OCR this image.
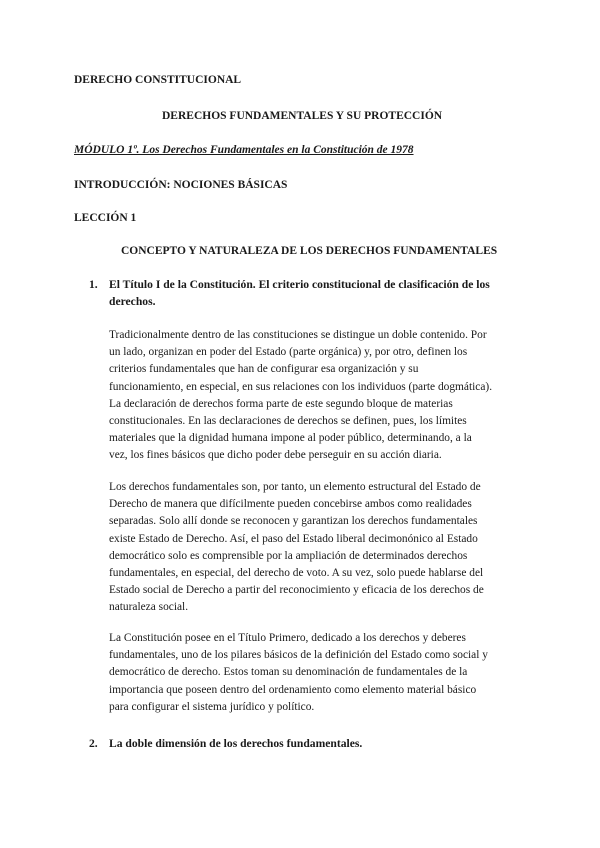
DERECHO CONSTITUCIONAL
DERECHOS FUNDAMENTALES Y SU PROTECCIÓN
MÓDULO 1º. Los Derechos Fundamentales en la Constitución de 1978
INTRODUCCIÓN: NOCIONES BÁSICAS
LECCIÓN 1
CONCEPTO Y NATURALEZA DE LOS DERECHOS FUNDAMENTALES
1. El Título I de la Constitución. El criterio constitucional de clasificación de los
derechos.
Tradicionalmente dentro de las constituciones se distingue un doble contenido. Por
un lado, organizan en poder del Estado (parte orgánica) y, por otro, definen los
criterios fundamentales que han de configurar esa organización y su
funcionamiento, en especial, en sus relaciones con los individuos (parte dogmática).
La declaración de derechos forma parte de este segundo bloque de materias
constitucionales. En las declaraciones de derechos se definen, pues, los límites
materiales que la dignidad humana impone al poder público, determinando, a la
vez, los fines básicos que dicho poder debe perseguir en su acción diaria.
Los derechos fundamentales son, por tanto, un elemento estructural del Estado de
Derecho de manera que difícilmente pueden concebirse ambos como realidades
separadas. Solo allí donde se reconocen y garantizan los derechos fundamentales
existe Estado de Derecho. Así, el paso del Estado liberal decimonónico al Estado
democrático solo es comprensible por la ampliación de determinados derechos
fundamentales, en especial, del derecho de voto. A su vez, solo puede hablarse del
Estado social de Derecho a partir del reconocimiento y eficacia de los derechos de
naturaleza social.
La Constitución posee en el Título Primero, dedicado a los derechos y deberes
fundamentales, uno de los pilares básicos de la definición del Estado como social y
democrático de derecho. Estos toman su denominación de fundamentales de la
importancia que poseen dentro del ordenamiento como elemento material básico
para configurar el sistema jurídico y político.
2. La doble dimensión de los derechos fundamentales.
